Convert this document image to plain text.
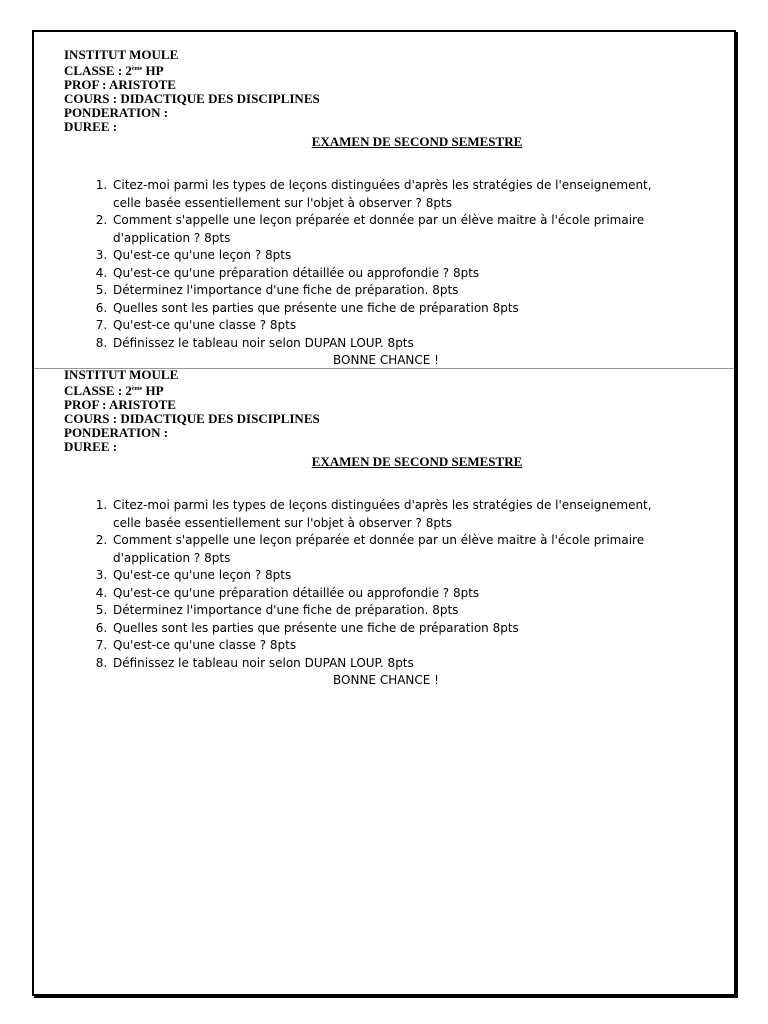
INSTITUT MOULE
CLASSE : 2ème HP
PROF : ARISTOTE
COURS : DIDACTIQUE DES DISCIPLINES
PONDERATION :
DUREE :
EXAMEN DE SECOND SEMESTRE
1. Citez-moi parmi les types de leçons distinguées d'après les stratégies de l'enseignement, celle basée essentiellement sur l'objet à observer ? 8pts
2. Comment s'appelle une leçon préparée et donnée par un élève maitre à l'école primaire d'application ? 8pts
3. Qu'est-ce qu'une leçon ? 8pts
4. Qu'est-ce qu'une préparation détaillée ou approfondie ? 8pts
5. Déterminez l'importance d'une fiche de préparation. 8pts
6. Quelles sont les parties que présente une fiche de préparation 8pts
7. Qu'est-ce qu'une classe ? 8pts
8. Définissez le tableau noir selon DUPAN LOUP. 8pts
BONNE CHANCE !
INSTITUT MOULE
CLASSE : 2ème HP
PROF : ARISTOTE
COURS : DIDACTIQUE DES DISCIPLINES
PONDERATION :
DUREE :
EXAMEN DE SECOND SEMESTRE
1. Citez-moi parmi les types de leçons distinguées d'après les stratégies de l'enseignement, celle basée essentiellement sur l'objet à observer ? 8pts
2. Comment s'appelle une leçon préparée et donnée par un élève maitre à l'école primaire d'application ? 8pts
3. Qu'est-ce qu'une leçon ? 8pts
4. Qu'est-ce qu'une préparation détaillée ou approfondie ? 8pts
5. Déterminez l'importance d'une fiche de préparation. 8pts
6. Quelles sont les parties que présente une fiche de préparation 8pts
7. Qu'est-ce qu'une classe ? 8pts
8. Définissez le tableau noir selon DUPAN LOUP. 8pts
BONNE CHANCE !
